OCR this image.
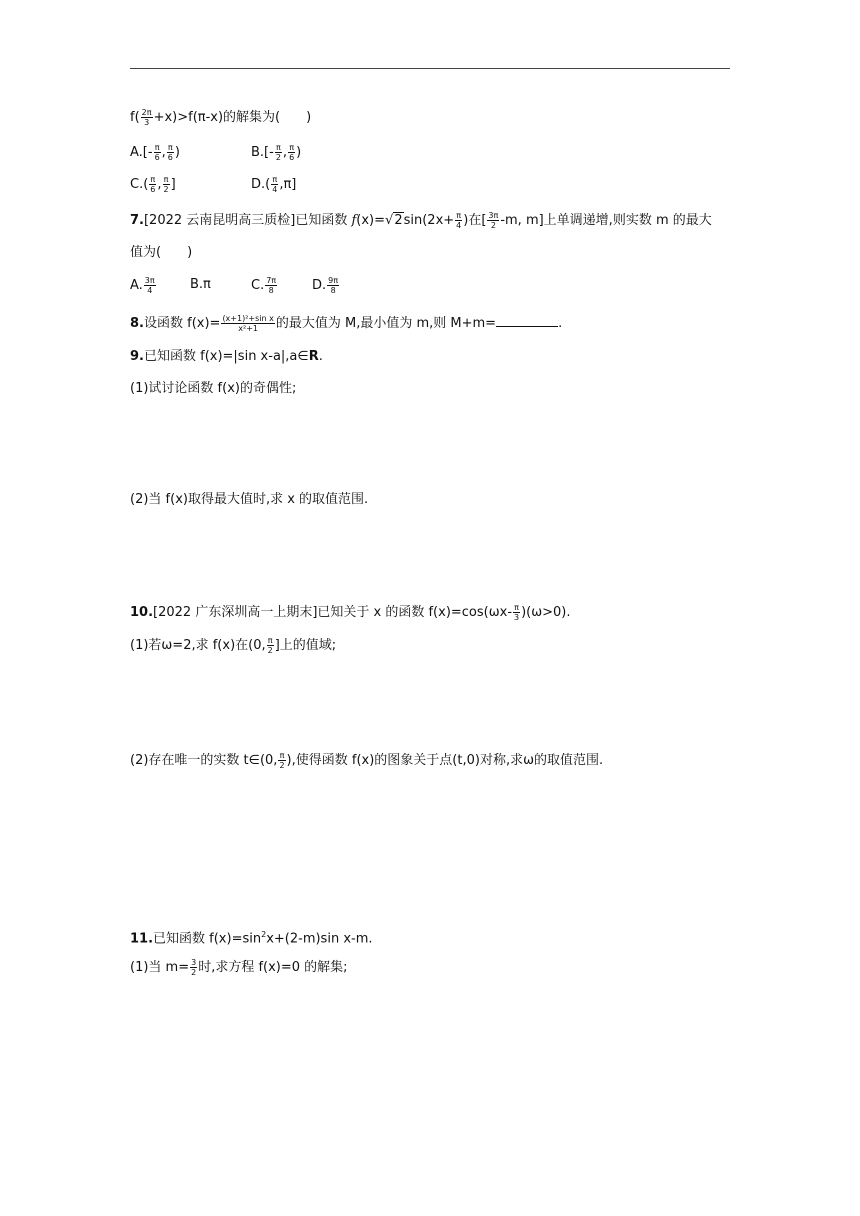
$f( \frac{2\pi}{3} +x)>f(\pi-x)$的解集为(　　)
$A.[- \frac{\pi}{6}$ , $\frac{\pi}{6}$ )	$B.[- \frac{\pi}{2}$ , $\frac{\pi}{6}$ )
$C.( \frac{\pi}{6}$ , $\frac{\pi}{2}$ ]	$D.( \frac{\pi}{4} ,\pi]$
7.[2022 云南昆明高三质检]已知函数 $f(x)=√2\sin(2x+ \frac{\pi}{4}$ )在[ $\frac{3\pi}{2} -m$, m]上单调递增,则实数 m 的最大
值为(　　)
A. $\frac{3\pi}{4}$	B.π	C. $\frac{7\pi}{8}$	D. $\frac{9\pi}{8}$
8.设函数 $f(x)= \frac{\text{(x+1)²+sin x}}{\text{x²+1}}$ 的最大值为 M,最小值为 m,则 M+m=	.
9.已知函数 f(x)=|sin x-a|,a∈R.
(1)试讨论函数 f(x)的奇偶性;
(2)当 f(x)取得最大值时,求 x 的取值范围.
10.[2022 广东深圳高一上期末]已知关于 x 的函数 $f(x)=\cos(\omega x- \frac{\pi}{3} )(\omega>0)$.
(1)若ω=2,求 f(x)在(0, $\frac{\pi}{2}$ ]上的值域;
(2)存在唯一的实数 t∈(0, $\frac{\pi}{2}$ ),使得函数 f(x)的图象关于点(t,0)对称,求ω的取值范围.
11.已知函数 $f(x)=\sin^2x+(2-m)\sin$ x-m.
(1)当 $m= \frac{3}{2}$ 时,求方程 f(x)=0 的解集;
